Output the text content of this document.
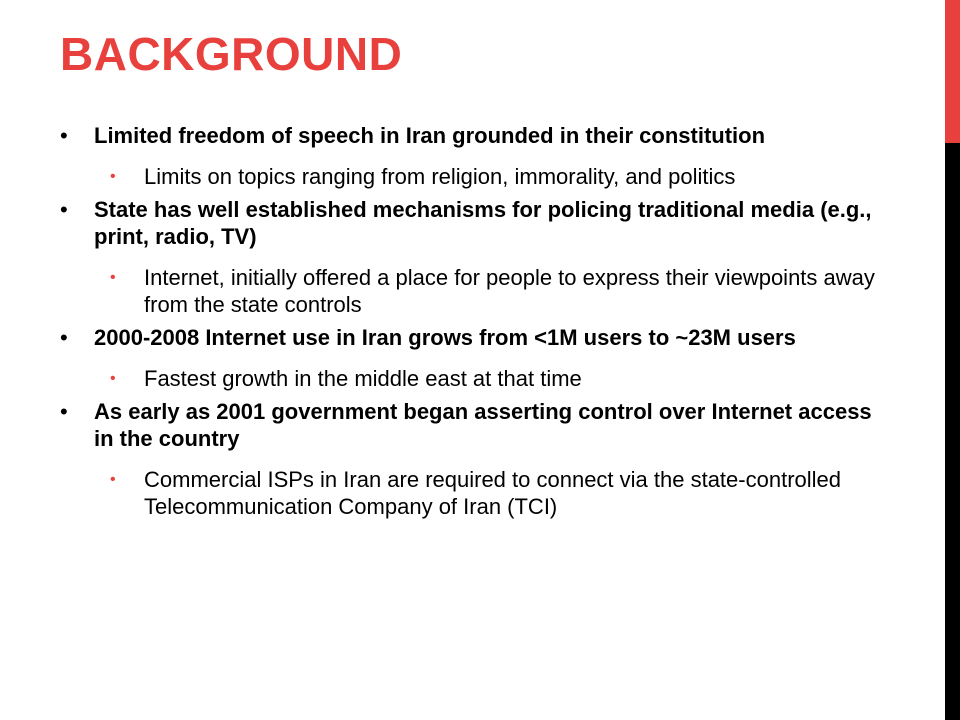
BACKGROUND
• Limited freedom of speech in Iran grounded in their constitution
• Limits on topics ranging from religion, immorality, and politics
• State has well established mechanisms for policing traditional media (e.g., print, radio, TV)
• Internet, initially offered a place for people to express their viewpoints away from the state controls
• 2000-2008 Internet use in Iran grows from <1M users to ~23M users
• Fastest growth in the middle east at that time
• As early as 2001 government began asserting control over Internet access in the country
• Commercial ISPs in Iran are required to connect via the state-controlled Telecommunication Company of Iran (TCI)
